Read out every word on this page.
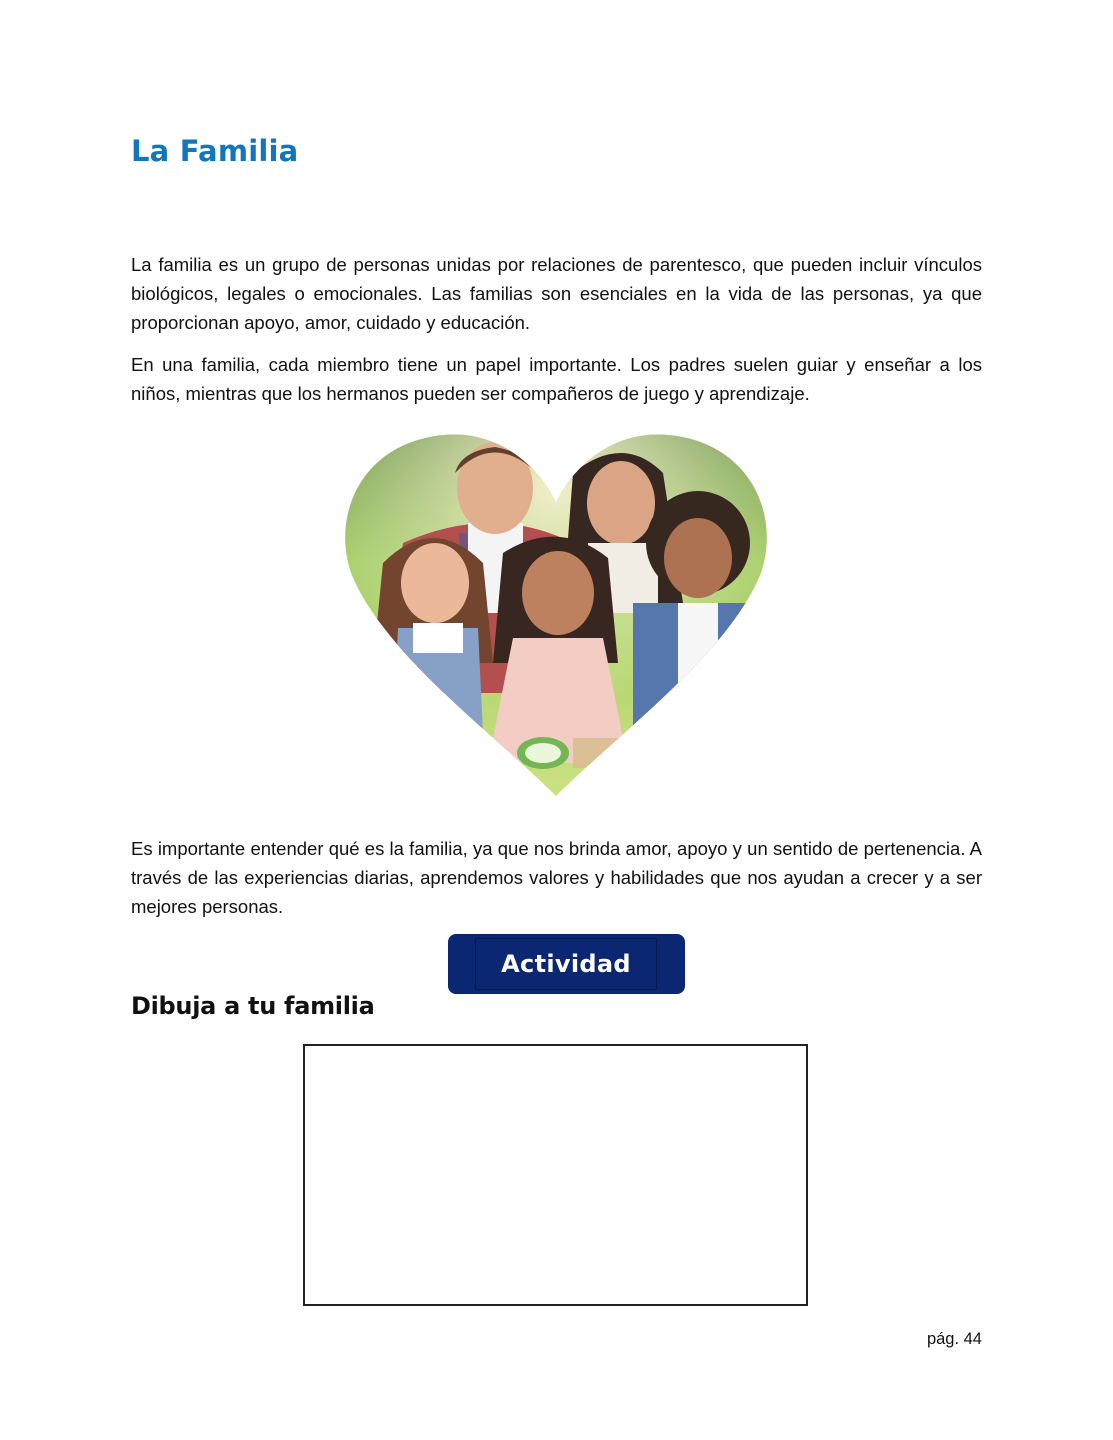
La Familia

La familia es un grupo de personas unidas por relaciones de parentesco, que pueden incluir vínculos biológicos, legales o emocionales. Las familias son esenciales en la vida de las personas, ya que proporcionan apoyo, amor, cuidado y educación.

En una familia, cada miembro tiene un papel importante. Los padres suelen guiar y enseñar a los niños, mientras que los hermanos pueden ser compañeros de juego y aprendizaje.

Es importante entender qué es la familia, ya que nos brinda amor, apoyo y un sentido de pertenencia. A través de las experiencias diarias, aprendemos valores y habilidades que nos ayudan a crecer y a ser mejores personas.

Actividad
Dibuja a tu familia

pág. 44
